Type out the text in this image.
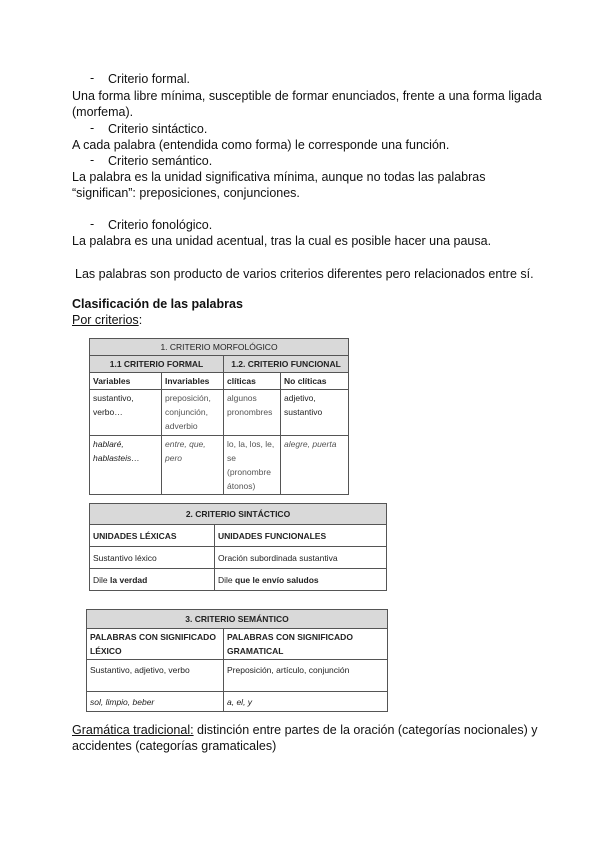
- Criterio formal.
Una forma libre mínima, susceptible de formar enunciados, frente a una forma ligada (morfema).
- Criterio sintáctico.
A cada palabra (entendida como forma) le corresponde una función.
- Criterio semántico.
La palabra es la unidad significativa mínima, aunque no todas las palabras
“significan”: preposiciones, conjunciones.
- Criterio fonológico.
La palabra es una unidad acentual, tras la cual es posible hacer una pausa.
Las palabras son producto de varios criterios diferentes pero relacionados entre sí.
Clasificación de las palabras
Por criterios:
1. CRITERIO MORFOLÓGICO			
1.1 CRITERIO FORMAL		1.2. CRITERIO FUNCIONAL	
Variables	Invariables	clíticas	No clíticas
sustantivo, verbo…	preposición, conjunción, adverbio	algunos pronombres	adjetivo, sustantivo
hablaré, hablasteis…	entre, que, pero	lo, la, los, le, se (pronombre átonos)	alegre, puerta
2. CRITERIO SINTÁCTICO	
UNIDADES LÉXICAS	UNIDADES FUNCIONALES
Sustantivo léxico	Oración subordinada sustantiva
Dile la verdad	Dile que le envío saludos
3. CRITERIO SEMÁNTICO	
PALABRAS CON SIGNIFICADO LÉXICO	PALABRAS CON SIGNIFICADO GRAMATICAL
Sustantivo, adjetivo, verbo	Preposición, artículo, conjunción
sol, limpio, beber	a, el, y
Gramática tradicional: distinción entre partes de la oración (categorías nocionales) y
accidentes (categorías gramaticales)
